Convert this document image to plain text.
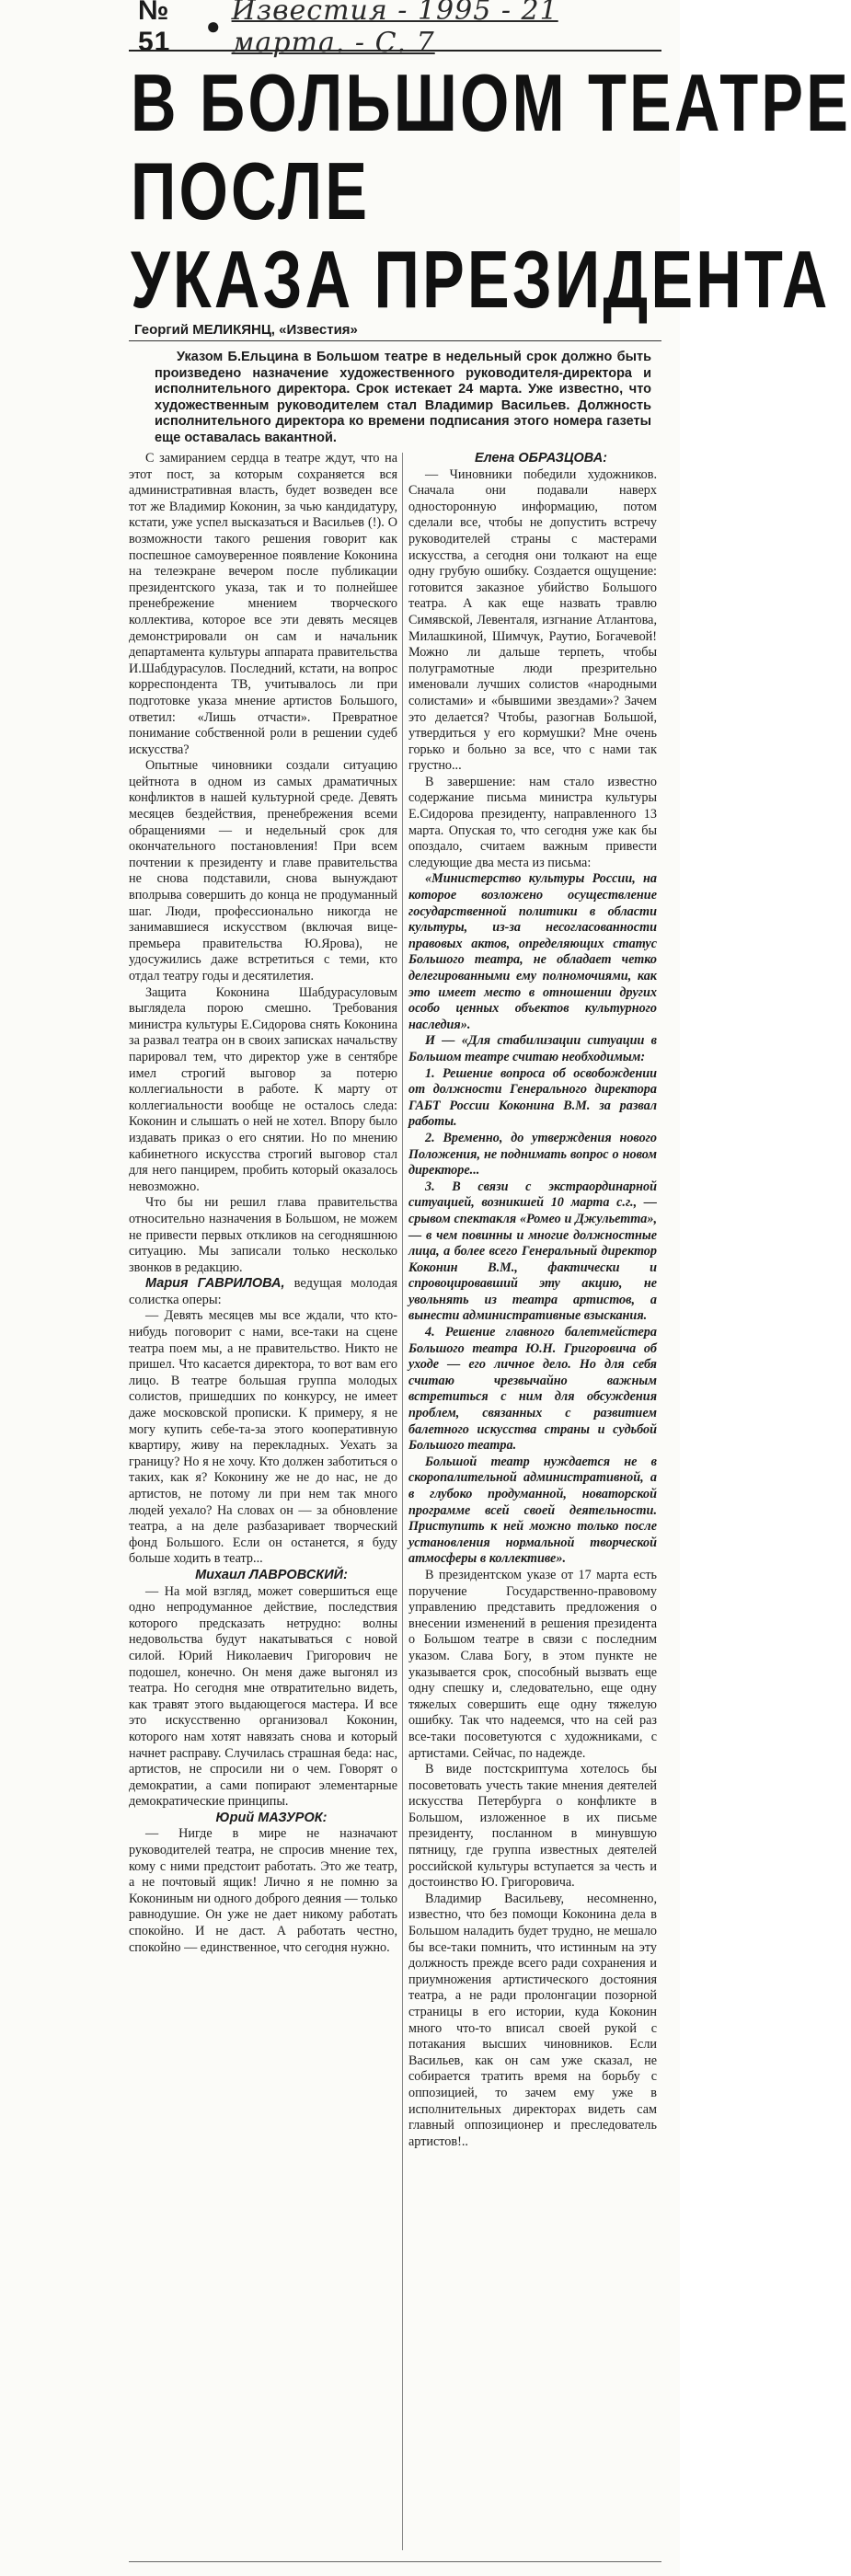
№ 51
● Известия - 1995 - 21 марта. - С. 7
В БОЛЬШОМ ТЕАТРЕ
ПОСЛЕ
УКАЗА ПРЕЗИДЕНТА
Георгий МЕЛИКЯНЦ, «Известия»
Указом Б.Ельцина в Большом театре в недельный срок должно быть произведено назначение художественного руководителя-директора и исполнительного директора. Срок истекает 24 марта. Уже известно, что художественным руководителем стал Владимир Васильев. Должность исполнительного директора ко времени подписания этого номера газеты еще оставалась вакантной.

С замиранием сердца в театре ждут, что на этот пост, за которым сохраняется вся административная власть, будет возведен все тот же Владимир Коконин, за чью кандидатуру, кстати, уже успел высказаться и Васильев (!). О возможности такого решения говорит как поспешное самоуверенное появление Коконина на телеэкране вечером после публикации президентского указа, так и то полнейшее пренебрежение мнением творческого коллектива, которое все эти девять месяцев демонстрировали он сам и начальник департамента культуры аппарата правительства И.Шабдурасулов. Последний, кстати, на вопрос корреспондента ТВ, учитывалось ли при подготовке указа мнение артистов Большого, ответил: «Лишь отчасти». Превратное понимание собственной роли в решении судеб искусства?

Опытные чиновники создали ситуацию цейтнота в одном из самых драматичных конфликтов в нашей культурной среде. Девять месяцев бездействия, пренебрежения всеми обращениями — и недельный срок для окончательного постановления! При всем почтении к президенту и главе правительства не снова подставили, снова вынуждают вполрыва совершить до конца не продуманный шаг. Люди, профессионально никогда не занимавшиеся искусством (включая вице-премьера правительства Ю.Ярова), не удосужились даже встретиться с теми, кто отдал театру годы и десятилетия.

Защита Коконина Шабдурасуловым выглядела порою смешно. Требования министра культуры Е.Сидорова снять Коконина за развал театра он в своих записках начальству парировал тем, что директор уже в сентябре имел строгий выговор за потерю коллегиальности в работе. К марту от коллегиальности вообще не осталось следа: Коконин и слышать о ней не хотел. Впору было издавать приказ о его снятии. Но по мнению кабинетного искусства строгий выговор стал для него панцирем, пробить который оказалось невозможно.

Что бы ни решил глава правительства относительно назначения в Большом, не можем не привести первых откликов на сегодняшнюю ситуацию. Мы записали только несколько звонков в редакцию.

Мария ГАВРИЛОВА, ведущая молодая солистка оперы:

— Девять месяцев мы все ждали, что кто-нибудь поговорит с нами, все-таки на сцене театра поем мы, а не правительство. Никто не пришел. Что касается директора, то вот вам его лицо. В театре большая группа молодых солистов, пришедших по конкурсу, не имеет даже московской прописки. К примеру, я не могу купить себе-та-за этого кооперативную квартиру, живу на перекладных. Уехать за границу? Но я не хочу. Кто должен заботиться о таких, как я? Коконину же не до нас, не до артистов, не потому ли при нем так много людей уехало? На словах он — за обновление театра, а на деле разбазаривает творческий фонд Большого. Если он останется, я буду больше ходить в театр...

Михаил ЛАВРОВСКИЙ:

— На мой взгляд, может совершиться еще одно непродуманное действие, последствия которого предсказать нетрудно: волны недовольства будут накатываться с новой силой. Юрий Николаевич Григорович не подошел, конечно. Он меня даже выгонял из театра. Но сегодня мне отвратительно видеть, как травят этого выдающегося мастера. И все это искусственно организовал Коконин, которого нам хотят навязать снова и который начнет расправу. Случилась страшная беда: нас, артистов, не спросили ни о чем. Говорят о демократии, а сами попирают элементарные демократические принципы.

Юрий МАЗУРОК:

— Нигде в мире не назначают руководителей театра, не спросив мнение тех, кому с ними предстоит работать. Это же театр, а не почтовый ящик! Лично я не помню за Кокониным ни одного доброго деяния — только равнодушие. Он уже не дает никому работать спокойно. И не даст. А работать честно, спокойно — единственное, что сегодня нужно.

Елена ОБРАЗЦОВА:

— Чиновники победили художников. Сначала они подавали наверх односторонную информацию, потом сделали все, чтобы не допустить встречу руководителей страны с мастерами искусства, а сегодня они толкают на еще одну грубую ошибку. Создается ощущение: готовится заказное убийство Большого театра. А как еще назвать травлю Симявской, Левенталя, изгнание Атлантова, Милашкиной, Шимчук, Раутио, Богачевой! Можно ли дальше терпеть, чтобы полуграмотные люди презрительно именовали лучших солистов «народными солистами» и «бывшими звездами»? Зачем это делается? Чтобы, разогнав Большой, утвердиться у его кормушки? Мне очень горько и больно за все, что с нами так грустно...

В завершение: нам стало известно содержание письма министра культуры Е.Сидорова президенту, направленного 13 марта. Опуская то, что сегодня уже как бы опоздало, считаем важным привести следующие два места из письма:

«Министерство культуры России, на которое возложено осуществление государственной политики в области культуры, из-за несогласованности правовых актов, определяющих статус Большого театра, не обладает четко делегированными ему полномочиями, как это имеет место в отношении других особо ценных объектов культурного наследия».

И — «Для стабилизации ситуации в Большом театре считаю необходимым:

1. Решение вопроса об освобождении от должности Генерального директора ГАБТ России Коконина В.М. за развал работы.

2. Временно, до утверждения нового Положения, не поднимать вопрос о новом директоре...

3. В связи с экстраординарной ситуацией, возникшей 10 марта с.г., — срывом спектакля «Ромео и Джульетта», — в чем повинны и многие должностные лица, а более всего Генеральный директор Коконин В.М., фактически и спровоцировавший эту акцию, не увольнять из театра артистов, а вынести административные взыскания.

4. Решение главного балетмейстера Большого театра Ю.Н. Григоровича об уходе — его личное дело. Но для себя считаю чрезвычайно важным встретиться с ним для обсуждения проблем, связанных с развитием балетного искусства страны и судьбой Большого театра.

Большой театр нуждается не в скоропалительной административной, а в глубоко продуманной, новаторской программе всей своей деятельности. Приступить к ней можно только после установления нормальной творческой атмосферы в коллективе».

В президентском указе от 17 марта есть поручение Государственно-правовому управлению представить предложения о внесении изменений в решения президента о Большом театре в связи с последним указом. Слава Богу, в этом пункте не указывается срок, способный вызвать еще одну спешку и, следовательно, еще одну тяжелых совершить еще одну тяжелую ошибку. Так что надеемся, что на сей раз все-таки посоветуются с художниками, с артистами. Сейчас, по надежде.

В виде постскриптума хотелось бы посоветовать учесть такие мнения деятелей искусства Петербурга о конфликте в Большом, изложенное в их письме президенту, посланном в минувшую пятницу, где группа известных деятелей российской культуры вступается за честь и достоинство Ю. Григоровича.

Владимир Васильеву, несомненно, известно, что без помощи Коконина дела в Большом наладить будет трудно, не мешало бы все-таки помнить, что истинным на эту должность прежде всего ради сохранения и приумножения артистического достояния театра, а не ради пролонгации позорной страницы в его истории, куда Коконин много что-то вписал своей рукой с потакания высших чиновников. Если Васильев, как он сам уже сказал, не собирается тратить время на борьбу с оппозицией, то зачем ему уже в исполнительных директорах видеть сам главный оппозиционер и преследователь артистов!..
